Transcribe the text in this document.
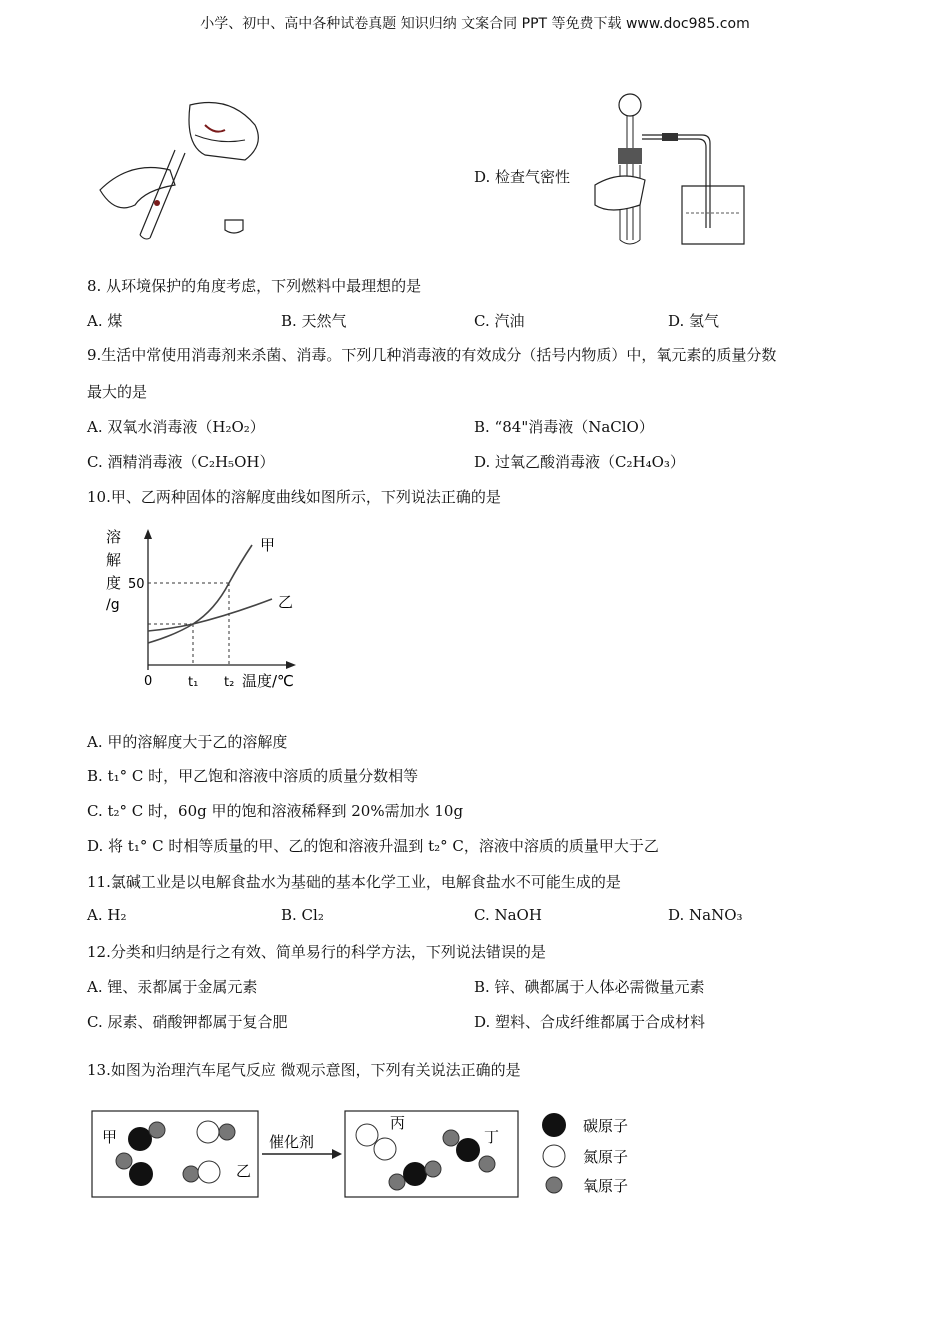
小学、初中、高中各种试卷真题 知识归纳 文案合同 PPT 等免费下载 www.doc985.com
D. 检查气密性
8. 从环境保护的角度考虑，下列燃料中最理想的是
A. 煤	B. 天然气	C. 汽油	D. 氢气
9.生活中常使用消毒剂来杀菌、消毒。下列几种消毒液的有效成分（括号内物质）中，氧元素的质量分数
最大的是
A. 双氧水消毒液（H₂O₂）	B. “84"消毒液（NaClO）
C. 酒精消毒液（C₂H₅OH）	D. 过氧乙酸消毒液（C₂H₄O₃）
10.甲、乙两种固体的溶解度曲线如图所示，下列说法正确的是
溶
解
度
/g
甲
乙
50
0	t₁ t₂ 温度/℃
A. 甲的溶解度大于乙的溶解度
B. t₁° C 时，甲乙饱和溶液中溶质的质量分数相等
C. t₂° C 时，60g 甲的饱和溶液稀释到 20%需加水 10g
D. 将 t₁° C 时相等质量的甲、乙的饱和溶液升温到 t₂° C，溶液中溶质的质量甲大于乙
11.氯碱工业是以电解食盐水为基础的基本化学工业，电解食盐水不可能生成的是
A. H₂	B. Cl₂	C. NaOH	D. NaNO₃
12.分类和归纳是行之有效、简单易行的科学方法，下列说法错误的是
A. 锂、汞都属于金属元素	B. 锌、碘都属于人体必需微量元素
C. 尿素、硝酸钾都属于复合肥	D. 塑料、合成纤维都属于合成材料
13.如图为治理汽车尾气反应 微观示意图，下列有关说法正确的是
甲
乙
催化剂
丙
丁
碳原子
氮原子
氧原子
